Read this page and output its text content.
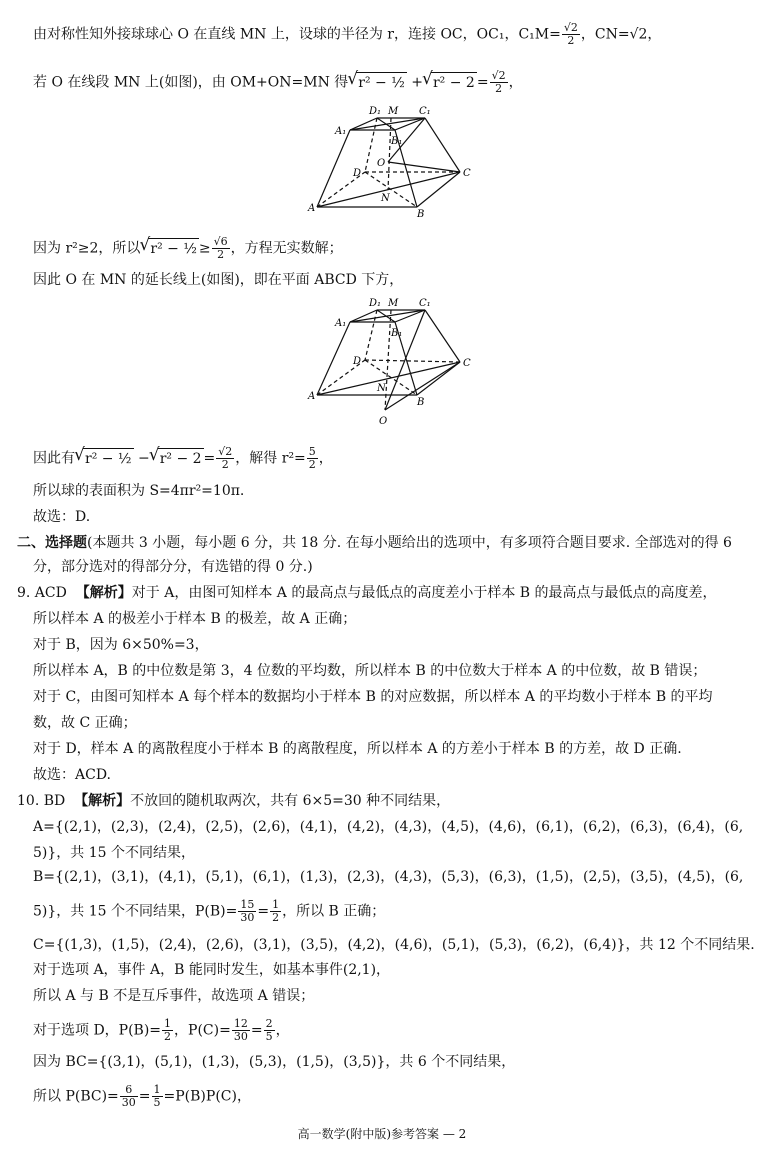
由对称性知外接球球心 O 在直线 MN 上，设球的半径为 r，连接 OC，OC₁，$C_1M= \frac{√2}{2}$ ，CN=√2，
若 O 在线段 MN 上(如图)，由 OM+ON=MN 得 √ r² − ½ + √ $r^2 - 2 = \frac{√2}{2}$ ，
D₁ M C₁
A₁
B₁
O
D	C
N
A
B
因为 r²≥2，所以 √ r² − ½ ≥ $\frac{√6}{2}$ ，方程无实数解；
因此 O 在 MN 的延长线上(如图)，即在平面 ABCD 下方，
D₁ M C₁
A₁
B₁
D	C
N
A
B
O
因此有 √ r² − ½ − √ $r^2 - 2 = \frac{√2}{2}$ ，解得 $r^2= \frac{5}{2}$ ，
所以球的表面积为 S=4πr²=10π.
故选：D.
二、选择题(本题共 3 小题，每小题 6 分，共 18 分. 在每小题给出的选项中，有多项符合题目要求. 全部选对的得 6
分，部分选对的得部分分，有选错的得 0 分.)
9. ACD 【解析】对于 A，由图可知样本 A 的最高点与最低点的高度差小于样本 B 的最高点与最低点的高度差，
所以样本 A 的极差小于样本 B 的极差，故 A 正确；
对于 B，因为 6×50%=3，
所以样本 A，B 的中位数是第 3，4 位数的平均数，所以样本 B 的中位数大于样本 A 的中位数，故 B 错误；
对于 C，由图可知样本 A 每个样本的数据均小于样本 B 的对应数据，所以样本 A 的平均数小于样本 B 的平均
数，故 C 正确；
对于 D，样本 A 的离散程度小于样本 B 的离散程度，所以样本 A 的方差小于样本 B 的方差，故 D 正确.
故选：ACD.
10. BD 【解析】不放回的随机取两次，共有 6×5=30 种不同结果，
A={(2,1)，(2,3)，(2,4)，(2,5)，(2,6)，(4,1)，(4,2)，(4,3)，(4,5)，(4,6)，(6,1)，(6,2)，(6,3)，(6,4)，(6,
5)}，共 15 个不同结果，
B={(2,1)，(3,1)，(4,1)，(5,1)，(6,1)，(1,3)，(2,3)，(4,3)，(5,3)，(6,3)，(1,5)，(2,5)，(3,5)，(4,5)，(6,
5)}，共 15 个不同结果，$P(B)= \frac{15}{30} = \frac{1}{2}$ ，所以 B 正确；
C={(1,3)，(1,5)，(2,4)，(2,6)，(3,1)，(3,5)，(4,2)，(4,6)，(5,1)，(5,3)，(6,2)，(6,4)}，共 12 个不同结果.
对于选项 A，事件 A，B 能同时发生，如基本事件(2,1)，
所以 A 与 B 不是互斥事件，故选项 A 错误；
对于选项 D，$P(B)= \frac{1}{2}$ ，$P(C)= \frac{12}{30} = \frac{2}{5}$ ，
因为 BC={(3,1)，(5,1)，(1,3)，(5,3)，(1,5)，(3,5)}，共 6 个不同结果，
所以 $P(BC)= \frac{6}{30} = \frac{1}{5} =P(B)P(C)$，
高一数学(附中版)参考答案 — 2
